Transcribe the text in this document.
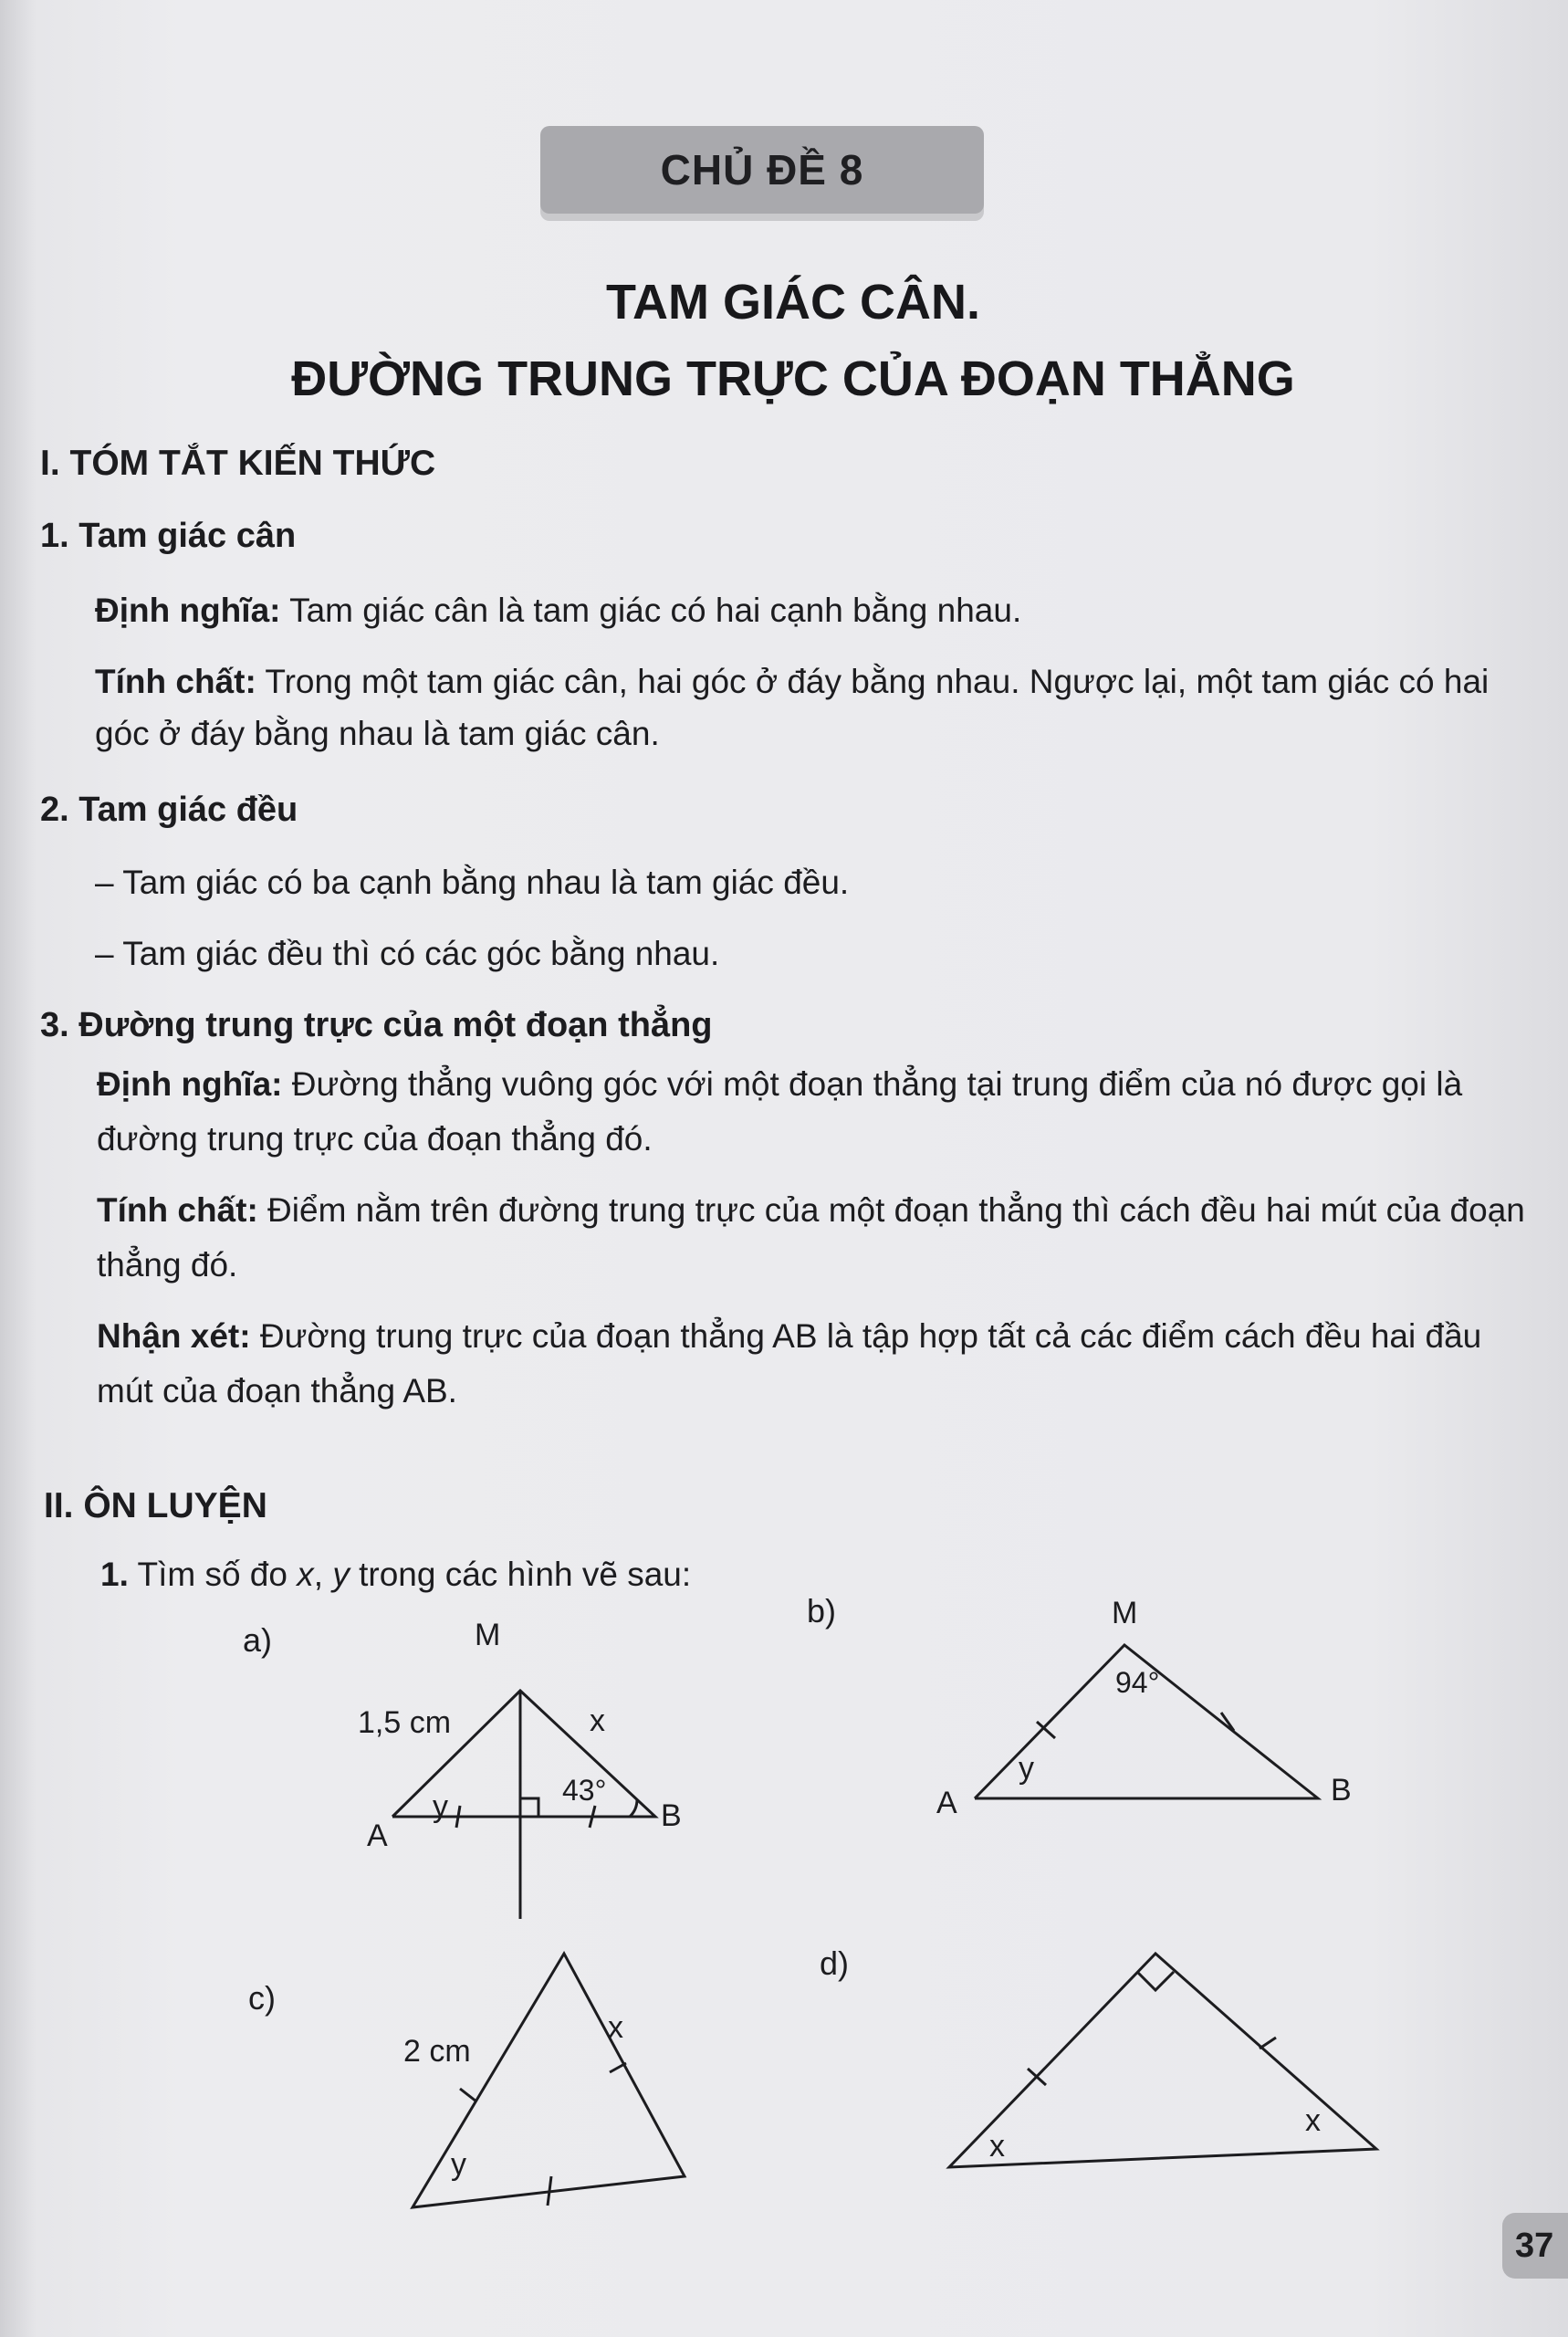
CHỦ ĐỀ 8
TAM GIÁC CÂN.
ĐƯỜNG TRUNG TRỰC CỦA ĐOẠN THẲNG
I. TÓM TẮT KIẾN THỨC
1. Tam giác cân
Định nghĩa: Tam giác cân là tam giác có hai cạnh bằng nhau.
Tính chất: Trong một tam giác cân, hai góc ở đáy bằng nhau. Ngược lại, một tam giác có hai góc ở đáy bằng nhau là tam giác cân.
2. Tam giác đều
– Tam giác có ba cạnh bằng nhau là tam giác đều.
– Tam giác đều thì có các góc bằng nhau.
3. Đường trung trực của một đoạn thẳng
Định nghĩa: Đường thẳng vuông góc với một đoạn thẳng tại trung điểm của nó được gọi là đường trung trực của đoạn thẳng đó.
Tính chất: Điểm nằm trên đường trung trực của một đoạn thẳng thì cách đều hai mút của đoạn thẳng đó.
Nhận xét: Đường trung trực của đoạn thẳng AB là tập hợp tất cả các điểm cách đều hai đầu mút của đoạn thẳng AB.
II. ÔN LUYỆN
1. Tìm số đo x, y trong các hình vẽ sau:
a)
b)
c)
d)
M
1,5 cm	x
43°
y
A
B
M
94°
y
A	B
2 cm
x
y
x
x
37
